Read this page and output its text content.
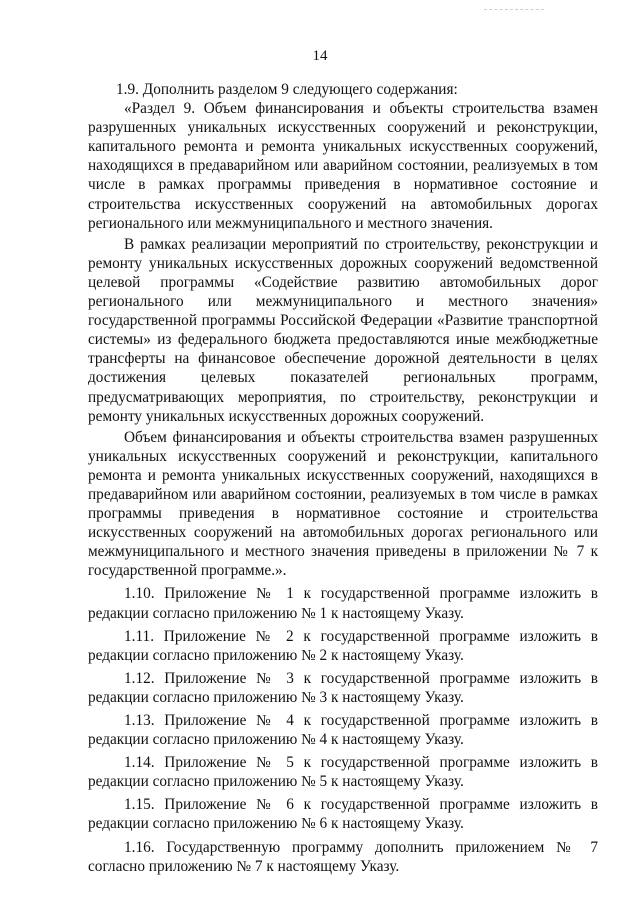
14

1.9. Дополнить разделом 9 следующего содержания:

«Раздел 9. Объем финансирования и объекты строительства взамен разрушенных уникальных искусственных сооружений и реконструкции, капитального ремонта и ремонта уникальных искусственных сооружений, находящихся в предаварийном или аварийном состоянии, реализуемых в том числе в рамках программы приведения в нормативное состояние и строительства искусственных сооружений на автомобильных дорогах регионального или межмуниципального и местного значения.

В рамках реализации мероприятий по строительству, реконструкции и ремонту уникальных искусственных дорожных сооружений ведомственной целевой программы «Содействие развитию автомобильных дорог регионального или межмуниципального и местного значения» государственной программы Российской Федерации «Развитие транспортной системы» из федерального бюджета предоставляются иные межбюджетные трансферты на финансовое обеспечение дорожной деятельности в целях достижения целевых показателей региональных программ, предусматривающих мероприятия, по строительству, реконструкции и ремонту уникальных искусственных дорожных сооружений.

Объем финансирования и объекты строительства взамен разрушенных уникальных искусственных сооружений и реконструкции, капитального ремонта и ремонта уникальных искусственных сооружений, находящихся в предаварийном или аварийном состоянии, реализуемых в том числе в рамках программы приведения в нормативное состояние и строительства искусственных сооружений на автомобильных дорогах регионального или межмуниципального и местного значения приведены в приложении № 7 к государственной программе.».

1.10. Приложение № 1 к государственной программе изложить в редакции согласно приложению № 1 к настоящему Указу.

1.11. Приложение № 2 к государственной программе изложить в редакции согласно приложению № 2 к настоящему Указу.

1.12. Приложение № 3 к государственной программе изложить в редакции согласно приложению № 3 к настоящему Указу.

1.13. Приложение № 4 к государственной программе изложить в редакции согласно приложению № 4 к настоящему Указу.

1.14. Приложение № 5 к государственной программе изложить в редакции согласно приложению № 5 к настоящему Указу.

1.15. Приложение № 6 к государственной программе изложить в редакции согласно приложению № 6 к настоящему Указу.

1.16. Государственную программу дополнить приложением № 7 согласно приложению № 7 к настоящему Указу.
